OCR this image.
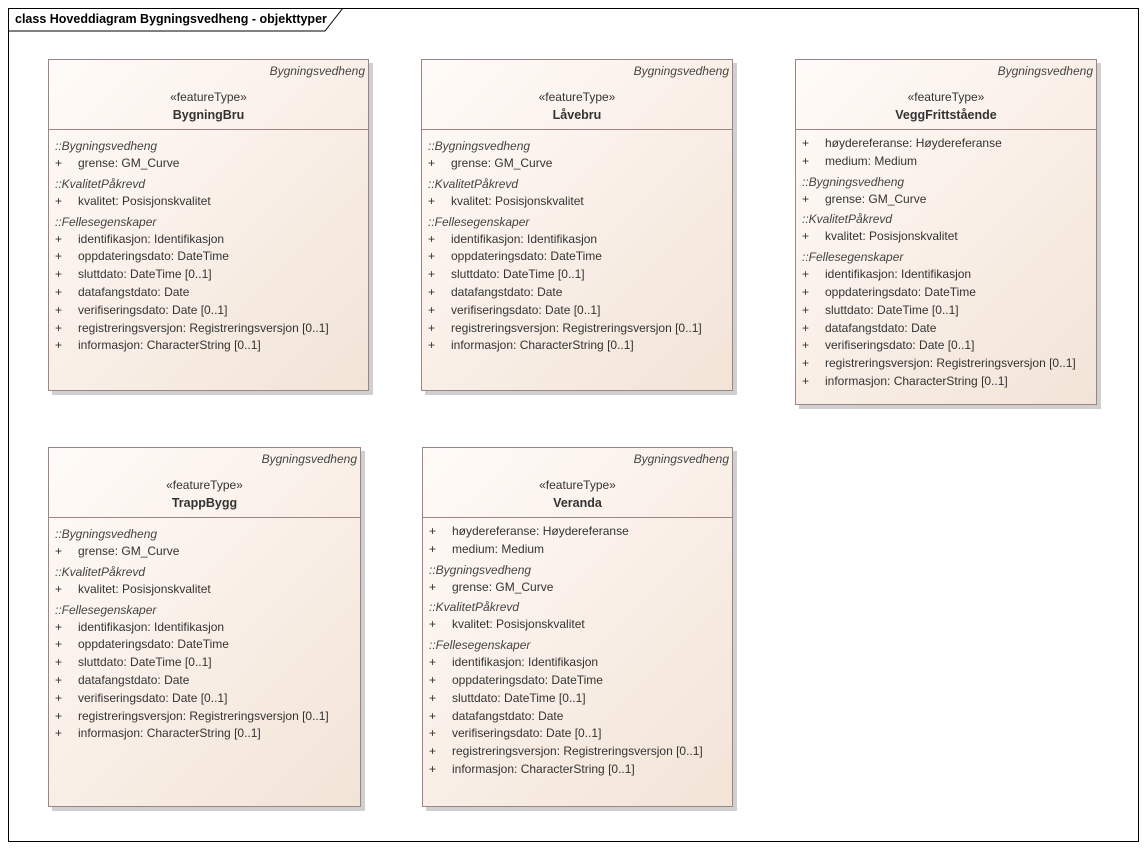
class Hoveddiagram Bygningsvedheng - objekttyper
Bygningsvedheng
«featureType»
BygningBru
::Bygningsvedheng
+ grense: GM_Curve
::KvalitetPåkrevd
+ kvalitet: Posisjonskvalitet
::Fellesegenskaper
+ identifikasjon: Identifikasjon
+ oppdateringsdato: DateTime
+ sluttdato: DateTime [0..1]
+ datafangstdato: Date
+ verifiseringsdato: Date [0..1]
+ registreringsversjon: Registreringsversjon [0..1]
+ informasjon: CharacterString [0..1]
Bygningsvedheng
«featureType»
Låvebru
::Bygningsvedheng
+ grense: GM_Curve
::KvalitetPåkrevd
+ kvalitet: Posisjonskvalitet
::Fellesegenskaper
+ identifikasjon: Identifikasjon
+ oppdateringsdato: DateTime
+ sluttdato: DateTime [0..1]
+ datafangstdato: Date
+ verifiseringsdato: Date [0..1]
+ registreringsversjon: Registreringsversjon [0..1]
+ informasjon: CharacterString [0..1]
Bygningsvedheng
«featureType»
VeggFrittstående
+ høydereferanse: Høydereferanse
+ medium: Medium
::Bygningsvedheng
+ grense: GM_Curve
::KvalitetPåkrevd
+ kvalitet: Posisjonskvalitet
::Fellesegenskaper
+ identifikasjon: Identifikasjon
+ oppdateringsdato: DateTime
+ sluttdato: DateTime [0..1]
+ datafangstdato: Date
+ verifiseringsdato: Date [0..1]
+ registreringsversjon: Registreringsversjon [0..1]
+ informasjon: CharacterString [0..1]
Bygningsvedheng
«featureType»
TrappBygg
::Bygningsvedheng
+ grense: GM_Curve
::KvalitetPåkrevd
+ kvalitet: Posisjonskvalitet
::Fellesegenskaper
+ identifikasjon: Identifikasjon
+ oppdateringsdato: DateTime
+ sluttdato: DateTime [0..1]
+ datafangstdato: Date
+ verifiseringsdato: Date [0..1]
+ registreringsversjon: Registreringsversjon [0..1]
+ informasjon: CharacterString [0..1]
Bygningsvedheng
«featureType»
Veranda
+ høydereferanse: Høydereferanse
+ medium: Medium
::Bygningsvedheng
+ grense: GM_Curve
::KvalitetPåkrevd
+ kvalitet: Posisjonskvalitet
::Fellesegenskaper
+ identifikasjon: Identifikasjon
+ oppdateringsdato: DateTime
+ sluttdato: DateTime [0..1]
+ datafangstdato: Date
+ verifiseringsdato: Date [0..1]
+ registreringsversjon: Registreringsversjon [0..1]
+ informasjon: CharacterString [0..1]
